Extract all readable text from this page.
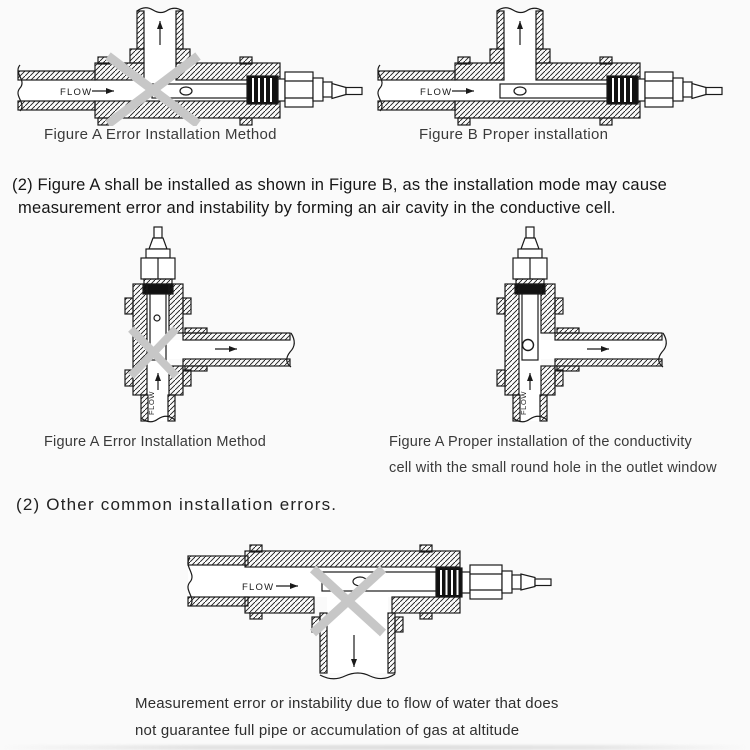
Figure A Error Installation Method	Figure B Proper installation
(2) Figure A shall be installed as shown in Figure B, as the installation mode may cause
measurement error and instability by forming an air cavity in the conductive cell.
Figure A Error Installation Method	Figure A Proper installation of the conductivity
cell with the small round hole in the outlet window
(2) Other common installation errors.
Measurement error or instability due to flow of water that does
not guarantee full pipe or accumulation of gas at altitude
